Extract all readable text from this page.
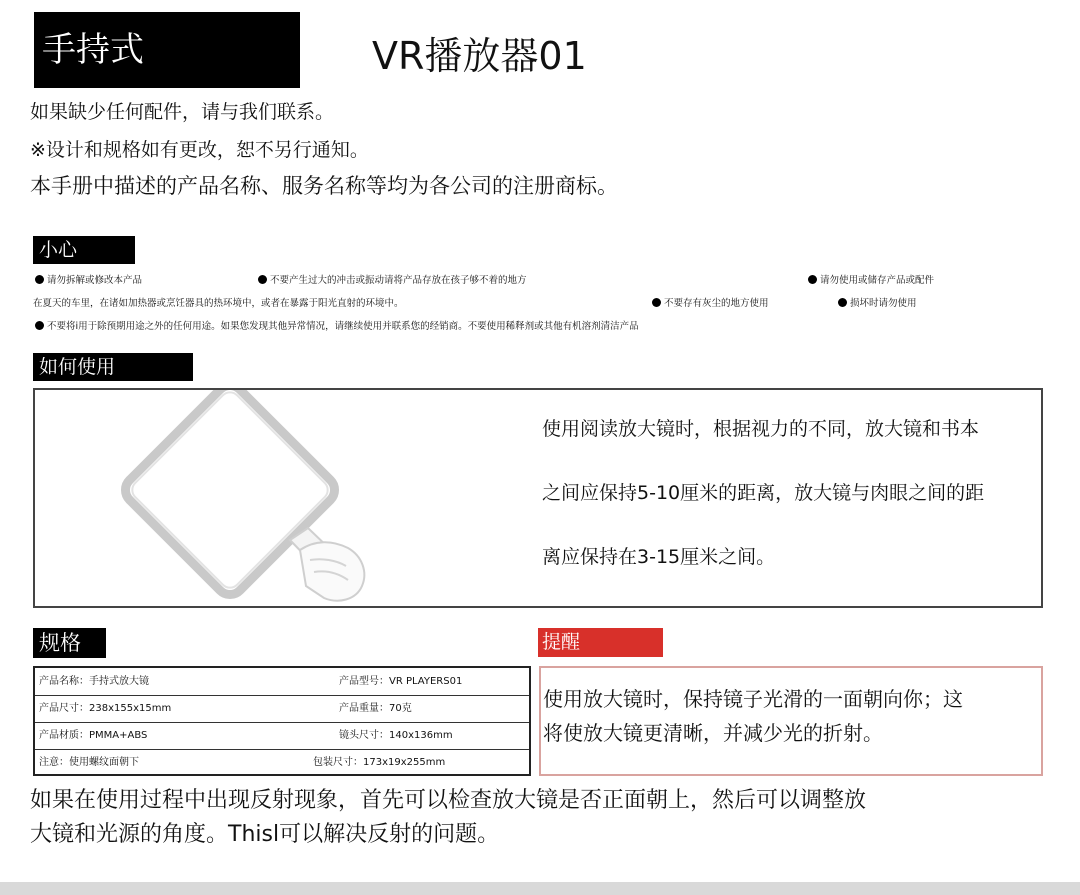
手持式	VR播放器01
如果缺少任何配件，请与我们联系。
※设计和规格如有更改，恕不另行通知。
本手册中描述的产品名称、服务名称等均为各公司的注册商标。
小心
请勿拆解或修改本产品	不要产生过大的冲击或振动请将产品存放在孩子够不着的地方	请勿使用或储存产品或配件
在夏天的车里，在诸如加热器或烹饪器具的热环境中，或者在暴露于阳光直射的环境中。	不要存有灰尘的地方使用	损坏时请勿使用
不要将i用于除预期用途之外的任何用途。如果您发现其他异常情况，请继续使用并联系您的经销商。不要使用稀释剂或其他有机溶剂清洁产品
如何使用
使用阅读放大镜时，根据视力的不同，放大镜和书本
之间应保持5-10厘米的距离，放大镜与肉眼之间的距
离应保持在3-15厘米之间。
规格
产品名称：手持式放大镜	产品型号：VR PLAYERS01
产品尺寸：238x155x15mm	产品重量：70克
产品材质：PMMA+ABS	镜头尺寸：140x136mm
注意：使用螺纹面朝下	包装尺寸：173x19x255mm
提醒
使用放大镜时，保持镜子光滑的一面朝向你；这
将使放大镜更清晰，并减少光的折射。
如果在使用过程中出现反射现象，首先可以检查放大镜是否正面朝上，然后可以调整放
大镜和光源的角度。Thisl可以解决反射的问题。
